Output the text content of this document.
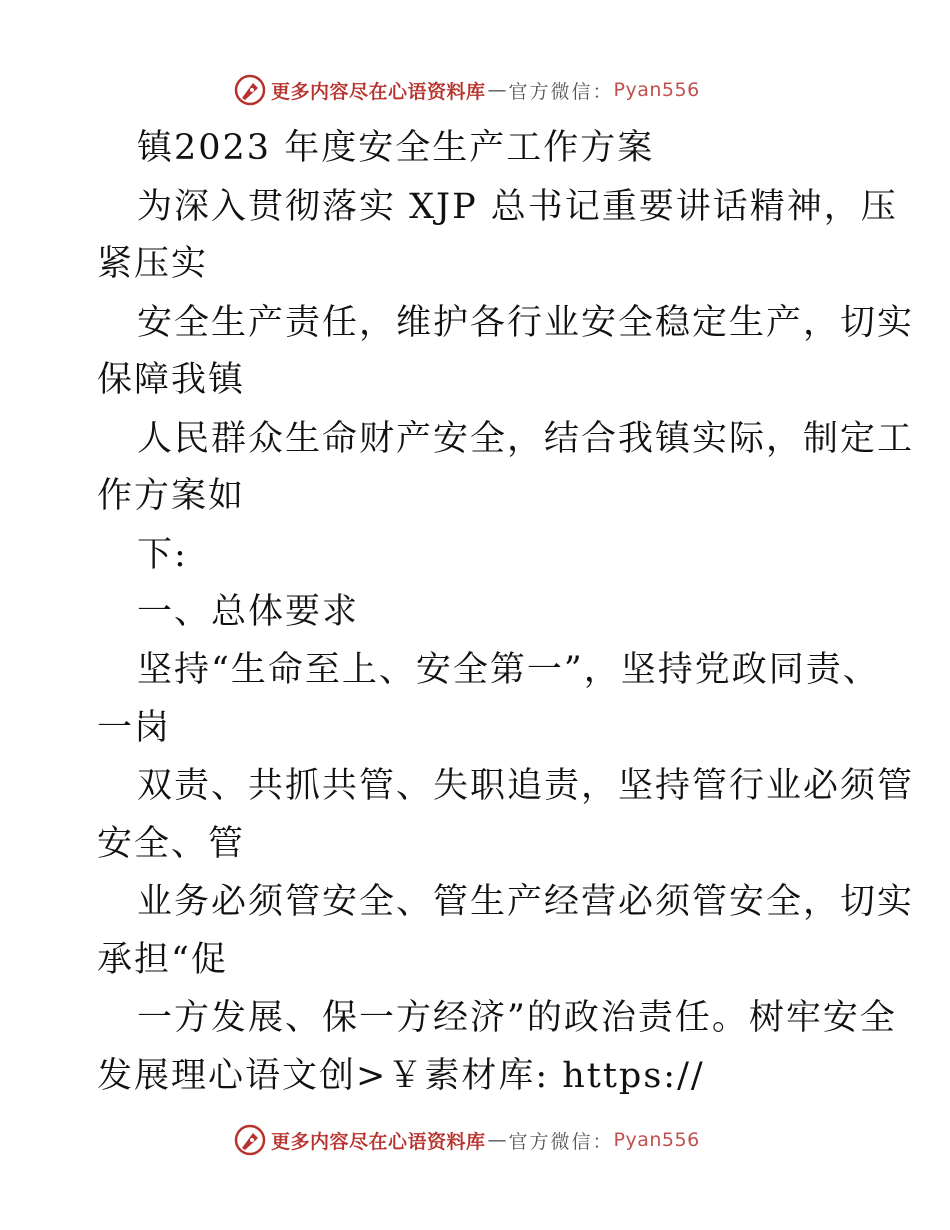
更多内容尽在心语资料库 — 官方微信： Pyan556
镇2023 年度安全生产工作方案
为深入贯彻落实 XJP 总书记重要讲话精神，压
紧压实
安全生产责任，维护各行业安全稳定生产，切实
保障我镇
人民群众生命财产安全，结合我镇实际，制定工
作方案如
下:
一、总体要求
坚持“生命至上、安全第一”，坚持党政同责、
一岗
双责、共抓共管、失职追责，坚持管行业必须管
安全、管
业务必须管安全、管生产经营必须管安全，切实
承担“促
一方发展、保一方经济”的政治责任。树牢安全
发展理心语文创>￥素材库: https://
更多内容尽在心语资料库 — 官方微信： Pyan556
